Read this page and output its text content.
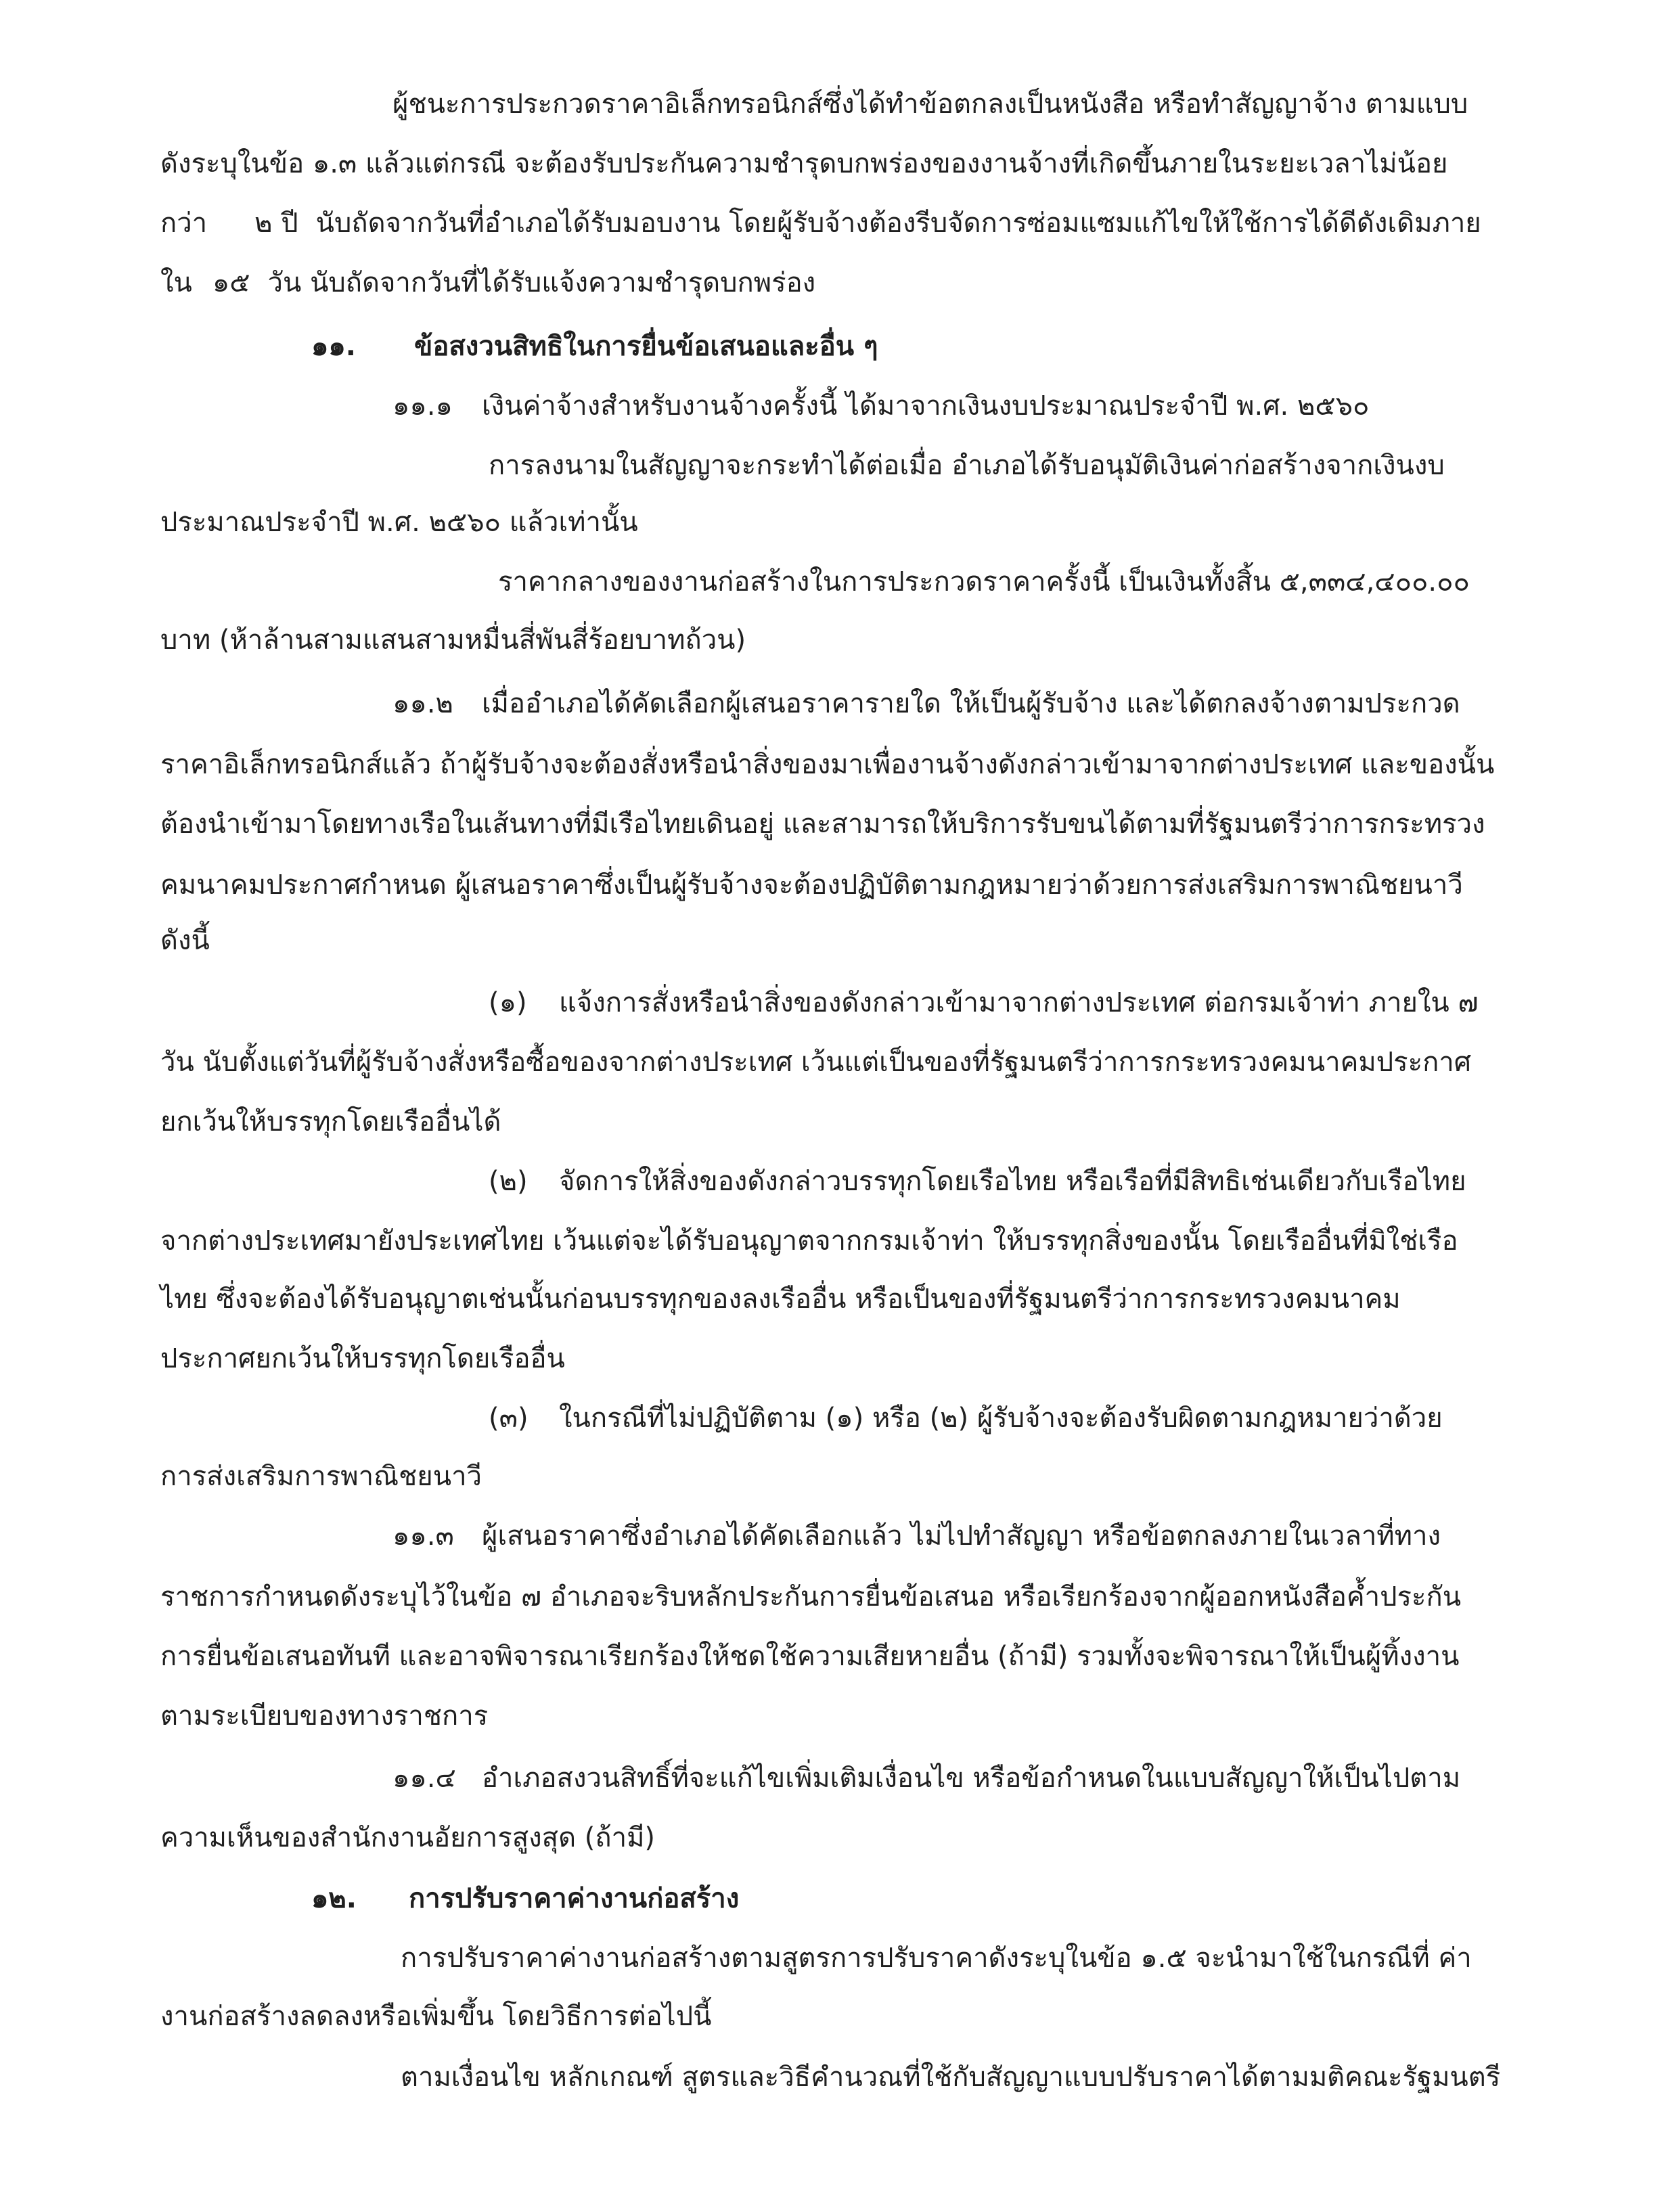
ผู้ชนะการประกวดราคาอิเล็กทรอนิกส์ซึ่งได้ทำข้อตกลงเป็นหนังสือ หรือทำสัญญาจ้าง ตามแบบ
ดังระบุในข้อ ๑.๓ แล้วแต่กรณี จะต้องรับประกันความชำรุดบกพร่องของงานจ้างที่เกิดขึ้นภายในระยะเวลาไม่น้อย
กว่า ๒ ปี นับถัดจากวันที่อำเภอได้รับมอบงาน โดยผู้รับจ้างต้องรีบจัดการซ่อมแซมแก้ไขให้ใช้การได้ดีดังเดิมภาย
ใน ๑๕ วัน นับถัดจากวันที่ได้รับแจ้งความชำรุดบกพร่อง
๑๑. ข้อสงวนสิทธิในการยื่นข้อเสนอและอื่น ๆ
๑๑.๑ เงินค่าจ้างสำหรับงานจ้างครั้งนี้ ได้มาจากเงินงบประมาณประจำปี พ.ศ. ๒๕๖๐
การลงนามในสัญญาจะกระทำได้ต่อเมื่อ อำเภอได้รับอนุมัติเงินค่าก่อสร้างจากเงินงบ
ประมาณประจำปี พ.ศ. ๒๕๖๐ แล้วเท่านั้น
ราคากลางของงานก่อสร้างในการประกวดราคาครั้งนี้ เป็นเงินทั้งสิ้น ๕,๓๓๔,๔๐๐.๐๐
บาท (ห้าล้านสามแสนสามหมื่นสี่พันสี่ร้อยบาทถ้วน)
๑๑.๒ เมื่ออำเภอได้คัดเลือกผู้เสนอราคารายใด ให้เป็นผู้รับจ้าง และได้ตกลงจ้างตามประกวด
ราคาอิเล็กทรอนิกส์แล้ว ถ้าผู้รับจ้างจะต้องสั่งหรือนำสิ่งของมาเพื่องานจ้างดังกล่าวเข้ามาจากต่างประเทศ และของนั้น
ต้องนำเข้ามาโดยทางเรือในเส้นทางที่มีเรือไทยเดินอยู่ และสามารถให้บริการรับขนได้ตามที่รัฐมนตรีว่าการกระทรวง
คมนาคมประกาศกำหนด ผู้เสนอราคาซึ่งเป็นผู้รับจ้างจะต้องปฏิบัติตามกฎหมายว่าด้วยการส่งเสริมการพาณิชยนาวี
ดังนี้
(๑) แจ้งการสั่งหรือนำสิ่งของดังกล่าวเข้ามาจากต่างประเทศ ต่อกรมเจ้าท่า ภายใน ๗
วัน นับตั้งแต่วันที่ผู้รับจ้างสั่งหรือซื้อของจากต่างประเทศ เว้นแต่เป็นของที่รัฐมนตรีว่าการกระทรวงคมนาคมประกาศ
ยกเว้นให้บรรทุกโดยเรืออื่นได้
(๒) จัดการให้สิ่งของดังกล่าวบรรทุกโดยเรือไทย หรือเรือที่มีสิทธิเช่นเดียวกับเรือไทย
จากต่างประเทศมายังประเทศไทย เว้นแต่จะได้รับอนุญาตจากกรมเจ้าท่า ให้บรรทุกสิ่งของนั้น โดยเรืออื่นที่มิใช่เรือ
ไทย ซึ่งจะต้องได้รับอนุญาตเช่นนั้นก่อนบรรทุกของลงเรืออื่น หรือเป็นของที่รัฐมนตรีว่าการกระทรวงคมนาคม
ประกาศยกเว้นให้บรรทุกโดยเรืออื่น
(๓) ในกรณีที่ไม่ปฏิบัติตาม (๑) หรือ (๒) ผู้รับจ้างจะต้องรับผิดตามกฎหมายว่าด้วย
การส่งเสริมการพาณิชยนาวี
๑๑.๓ ผู้เสนอราคาซึ่งอำเภอได้คัดเลือกแล้ว ไม่ไปทำสัญญา หรือข้อตกลงภายในเวลาที่ทาง
ราชการกำหนดดังระบุไว้ในข้อ ๗ อำเภอจะริบหลักประกันการยื่นข้อเสนอ หรือเรียกร้องจากผู้ออกหนังสือค้ำประกัน
การยื่นข้อเสนอทันที และอาจพิจารณาเรียกร้องให้ชดใช้ความเสียหายอื่น (ถ้ามี) รวมทั้งจะพิจารณาให้เป็นผู้ทิ้งงาน
ตามระเบียบของทางราชการ
๑๑.๔ อำเภอสงวนสิทธิ์ที่จะแก้ไขเพิ่มเติมเงื่อนไข หรือข้อกำหนดในแบบสัญญาให้เป็นไปตาม
ความเห็นของสำนักงานอัยการสูงสุด (ถ้ามี)
๑๒. การปรับราคาค่างานก่อสร้าง
การปรับราคาค่างานก่อสร้างตามสูตรการปรับราคาดังระบุในข้อ ๑.๕ จะนำมาใช้ในกรณีที่ ค่า
งานก่อสร้างลดลงหรือเพิ่มขึ้น โดยวิธีการต่อไปนี้
ตามเงื่อนไข หลักเกณฑ์ สูตรและวิธีคำนวณที่ใช้กับสัญญาแบบปรับราคาได้ตามมติคณะรัฐมนตรี
